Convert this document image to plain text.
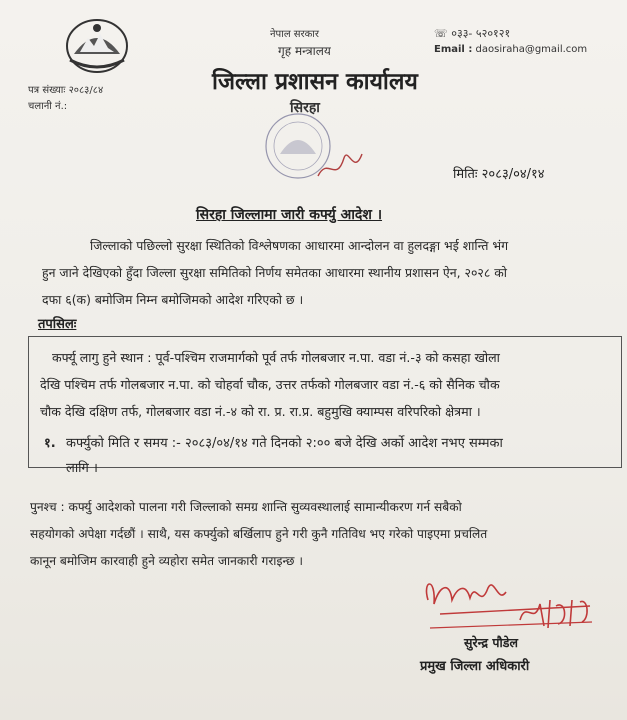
नेपाल सरकार
गृह मन्त्रालय
जिल्ला प्रशासन कार्यालय
सिरहा
☏ ०३३- ५२०१२१
Email : daosiraha@gmail.com
पत्र संख्याः २०८३/८४
चलानी नं.:
मितिः २०८३/०४/१४
सिरहा जिल्लामा जारी कर्फ्यु आदेश ।
जिल्लाको पछिल्लो सुरक्षा स्थितिको विश्लेषणका आधारमा आन्दोलन वा हुलदङ्गा भई शान्ति भंग
हुन जाने देखिएको हुँदा जिल्ला सुरक्षा समितिको निर्णय समेतका आधारमा स्थानीय प्रशासन ऐन, २०२८ को
दफा ६(क) बमोजिम निम्न बमोजिमको आदेश गरिएको छ ।
तपसिलः
कर्फ्यू लागु हुने स्थान : पूर्व-पश्चिम राजमार्गको पूर्व तर्फ गोलबजार न.पा. वडा नं.-३ को कसहा खोला
देखि पश्चिम तर्फ गोलबजार न.पा. को चोहर्वा चौक, उत्तर तर्फको गोलबजार वडा नं.-६ को सैनिक चौक
चौक देखि दक्षिण तर्फ, गोलबजार वडा नं.-४ को रा. प्र. रा.प्र. बहुमुखि क्याम्पस वरिपरिको क्षेत्रमा ।
१. कर्फ्युको मिति र समय :- २०८३/०४/१४ गते दिनको २:०० बजे देखि अर्को आदेश नभए सम्मका
लागि ।
पुनश्च : कर्फ्यु आदेशको पालना गरी जिल्लाको समग्र शान्ति सुव्यवस्थालाई सामान्यीकरण गर्न सबैको
सहयोगको अपेक्षा गर्दछौं । साथै, यस कर्फ्युको बर्खिलाप हुने गरी कुनै गतिविध भए गरेको पाइएमा प्रचलित
कानून बमोजिम कारवाही हुने व्यहोरा समेत जानकारी गराइन्छ ।
सुरेन्द्र पौडेल
प्रमुख जिल्ला अधिकारी
